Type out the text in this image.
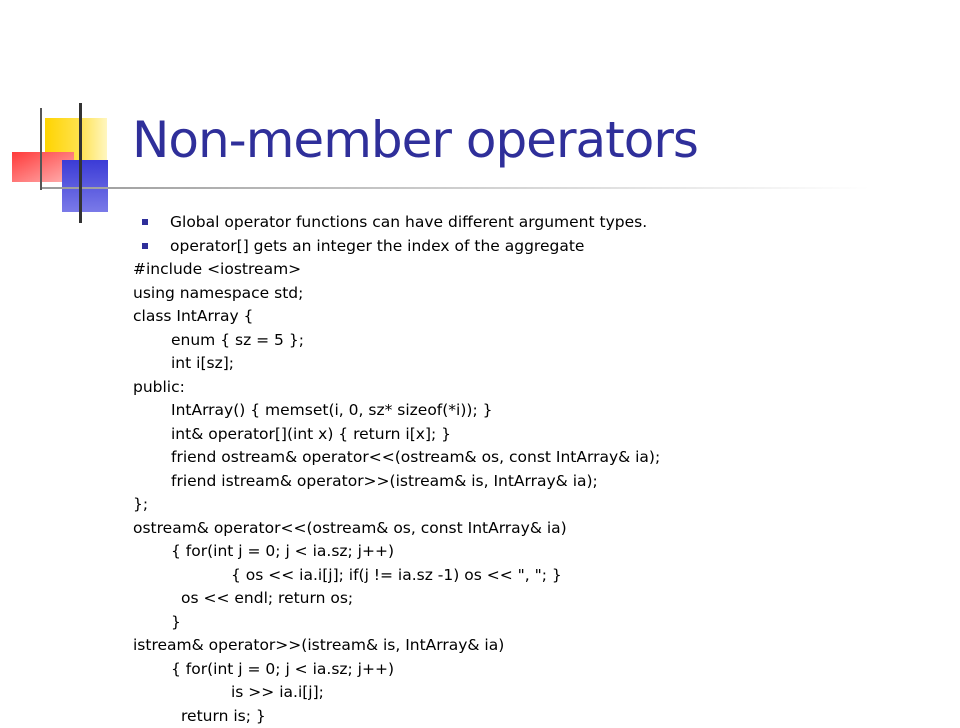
Non-member operators
Global operator functions can have different argument types.
operator[] gets an integer the index of the aggregate
#include <iostream>
using namespace std;
class IntArray {
enum { sz = 5 };
int i[sz];
public:
IntArray() { memset(i, 0, sz* sizeof(*i)); }
int& operator[](int x) { return i[x]; }
friend ostream& operator<<(ostream& os, const IntArray& ia);
friend istream& operator>>(istream& is, IntArray& ia);
};
ostream& operator<<(ostream& os, const IntArray& ia)
{ for(int j = 0; j < ia.sz; j++)
{ os << ia.i[j]; if(j != ia.sz -1) os << ", "; }
os << endl; return os;
}
istream& operator>>(istream& is, IntArray& ia)
{ for(int j = 0; j < ia.sz; j++)
is >> ia.i[j];
return is; }
